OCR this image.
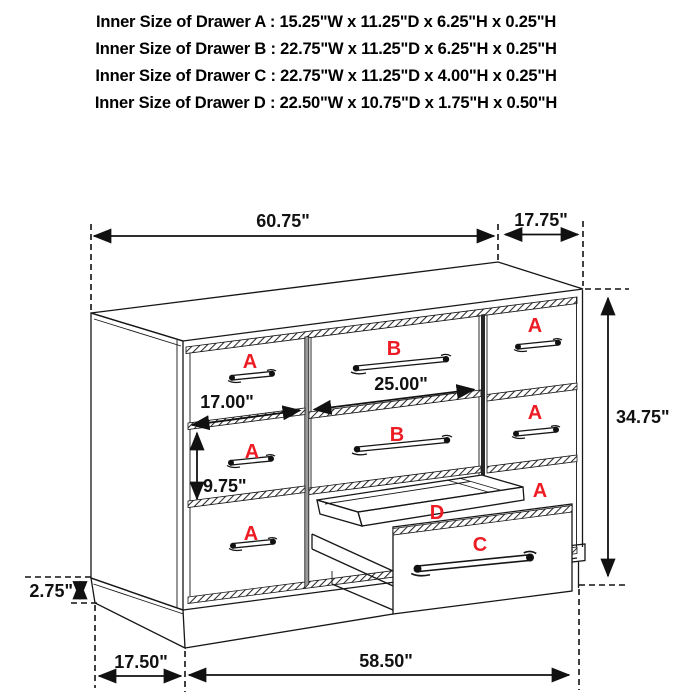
Inner Size of Drawer A : 15.25"W x 11.25"D x 6.25"H x 0.25"H
Inner Size of Drawer B : 22.75"W x 11.25"D x 6.25"H x 0.25"H
Inner Size of Drawer C : 22.75"W x 11.25"D x 4.00"H x 0.25"H
Inner Size of Drawer D : 22.50"W x 10.75"D x 1.75"H x 0.50"H
A
A
A
B
B
A
A
A
D
C
60.75"	17.75"
34.75"
17.00"
25.00"
9.75"
2.75"
17.50"	58.50"
